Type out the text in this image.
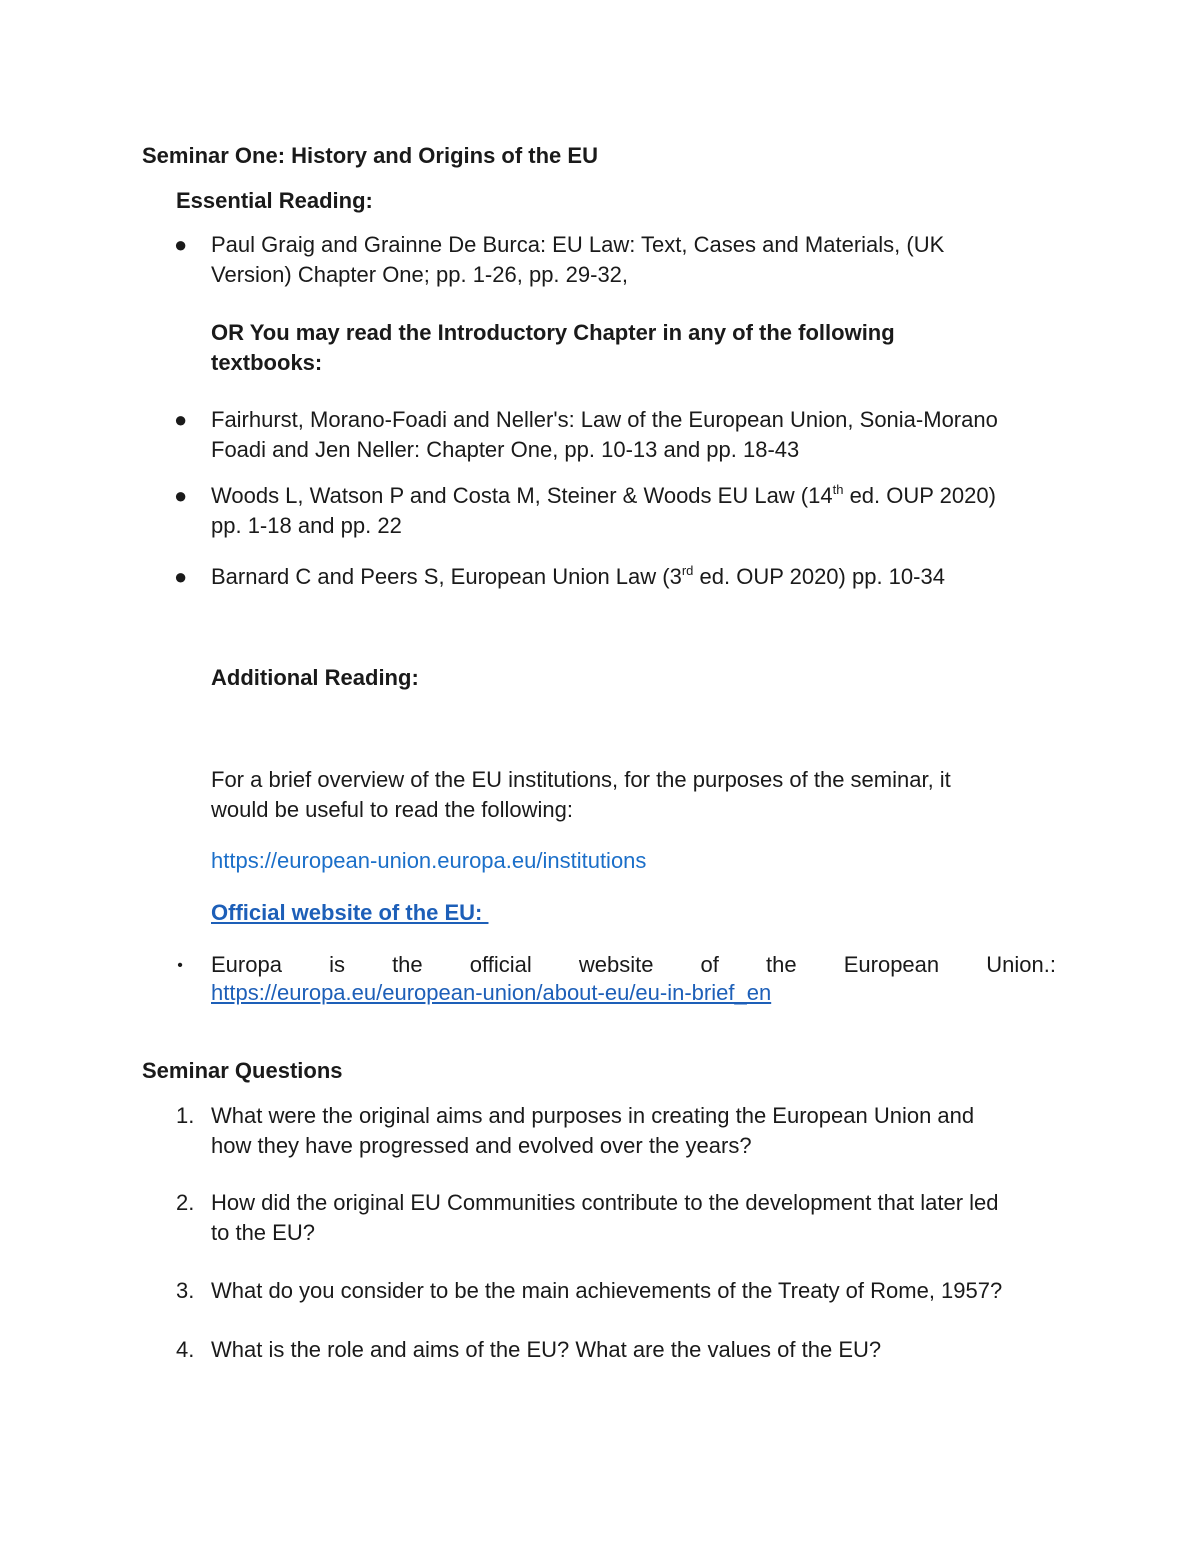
Seminar One: History and Origins of the EU
Essential Reading:
● Paul Graig and Grainne De Burca: EU Law: Text, Cases and Materials, (UK
Version) Chapter One; pp. 1-26, pp. 29-32,
OR You may read the Introductory Chapter in any of the following
textbooks:
● Fairhurst, Morano-Foadi and Neller's: Law of the European Union, Sonia-Morano
Foadi and Jen Neller: Chapter One, pp. 10-13 and pp. 18-43
● Woods L, Watson P and Costa M, Steiner & Woods EU Law (14th ed. OUP 2020)
pp. 1-18 and pp. 22
● Barnard C and Peers S, European Union Law (3rd ed. OUP 2020) pp. 10-34
Additional Reading:
For a brief overview of the EU institutions, for the purposes of the seminar, it
would be useful to read the following:
https://european-union.europa.eu/institutions
Official website of the EU:
• Europa is the official website of the European Union.:
https://europa.eu/european-union/about-eu/eu-in-brief_en
Seminar Questions
1. What were the original aims and purposes in creating the European Union and
how they have progressed and evolved over the years?
2. How did the original EU Communities contribute to the development that later led
to the EU?
3. What do you consider to be the main achievements of the Treaty of Rome, 1957?
4. What is the role and aims of the EU? What are the values of the EU?
